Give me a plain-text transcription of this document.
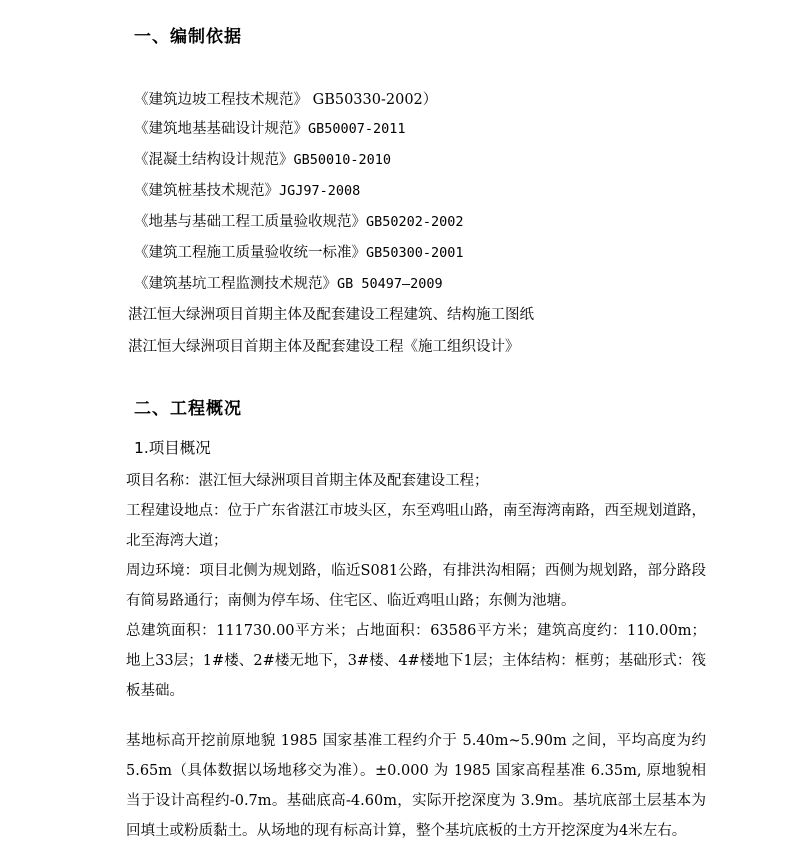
一、编制依据
《建筑边坡工程技术规范》 GB50330-2002）
《建筑地基基础设计规范》GB50007-2011
《混凝土结构设计规范》GB50010-2010
《建筑桩基技术规范》JGJ97-2008
《地基与基础工程工质量验收规范》GB50202-2002
《建筑工程施工质量验收统一标准》GB50300-2001
《建筑基坑工程监测技术规范》GB 50497—2009
湛江恒大绿洲项目首期主体及配套建设工程建筑、结构施工图纸
湛江恒大绿洲项目首期主体及配套建设工程《施工组织设计》
二、工程概况
1.项目概况

项目名称：湛江恒大绿洲项目首期主体及配套建设工程；

工程建设地点：位于广东省湛江市坡头区，东至鸡咀山路，南至海湾南路，西至规划道路，北至海湾大道；

周边环境：项目北侧为规划路，临近S081公路，有排洪沟相隔；西侧为规划路，部分路段有简易路通行；南侧为停车场、住宅区、临近鸡咀山路；东侧为池塘。

总建筑面积：111730.00平方米；占地面积：63586平方米；建筑高度约：110.00m；地上33层；1#楼、2#楼无地下，3#楼、4#楼地下1层；主体结构：框剪；基础形式：筏板基础。

基地标高开挖前原地貌 1985 国家基准工程约介于 5.40m~5.90m 之间，平均高度为约 5.65m（具体数据以场地移交为准）。±0.000 为 1985 国家高程基准 6.35m, 原地貌相当于设计高程约-0.7m。基础底高-4.60m，实际开挖深度为 3.9m。基坑底部土层基本为回填土或粉质黏土。从场地的现有标高计算，整个基坑底板的土方开挖深度为4米左右。
